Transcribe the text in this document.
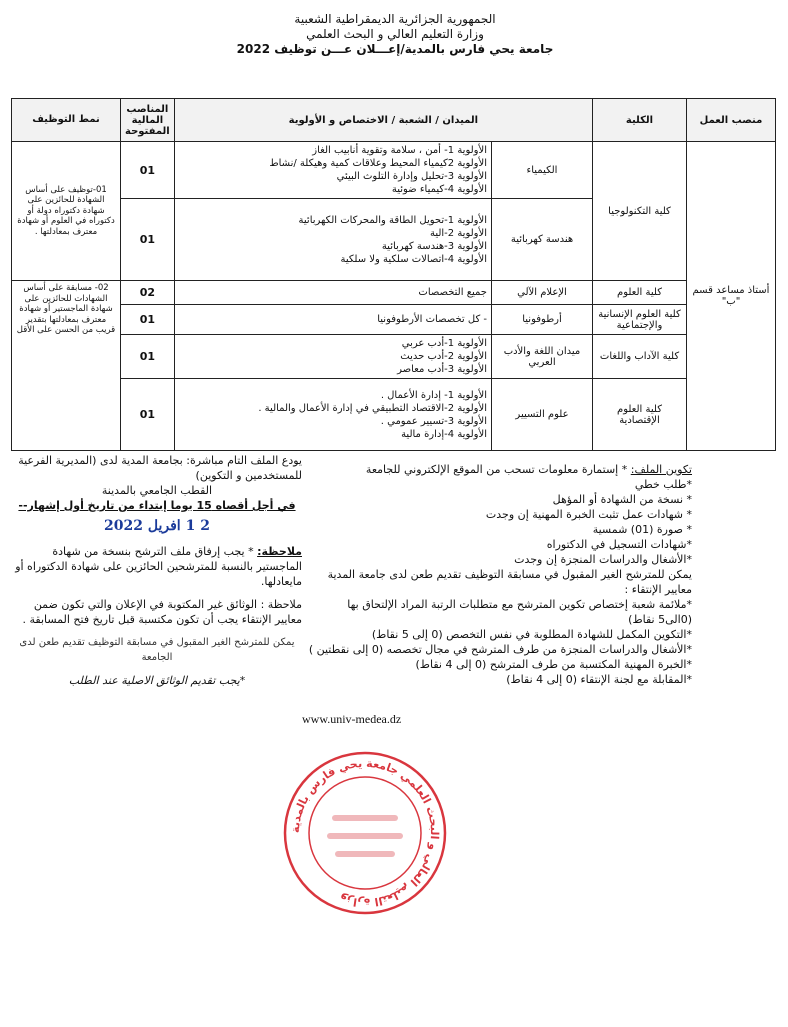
الجمهورية الجزائرية الديمقراطية الشعبية
وزارة التعليم العالي و البحث العلمي
جامعة يحي فارس بالمدية/إعـــلان عـــن توظيف 2022
منصب العمل	الكلية	الميدان / الشعبة / الاختصاص و الأولوية		المناصب المالية المفتوحة	نمط التوظيف
أستاذ مساعد قسم "ب"	كلية التكنولوجيا	الكيمياء	الأولوية 1- أمن ، سلامة وتقوية أنابيب الغاز
الأولوية 2كيمياء المحيط وعلاقات كمية وهيكلة /نشاط
الأولوية 3-تحليل وإدارة التلوث البيئي
الأولوية 4-كيمياء ضوئية	01	01-توظيف على أساس الشهادة للحائزين على شهادة دكتوراه دولة أو دكتوراه في العلوم أو شهادة معترف بمعادلتها .
		هندسة كهربائية	الأولوية 1-تحويل الطاقة والمحركات الكهربائية
الأولوية 2-الية
الأولوية 3-هندسة كهربائية
الأولوية 4-اتصالات سلكية ولا سلكية	01	
	كلية العلوم	الإعلام الآلي	جميع التخصصات	02	02- مسابقة على أساس الشهادات للحائزين على شهادة الماجستير أو شهادة معترف بمعادلتها بتقدير قريب من الحسن على الأقل
	كلية العلوم الإنسانية والإجتماعية	أرطوفونيا	- كل تخصصات الأرطوفونيا	01	
	كلية الآداب واللغات	ميدان اللغة والأدب العربي	الأولوية 1-أدب عربي
الأولوية 2-أدب حديث
الأولوية 3-أدب معاصر	01	
	كلية العلوم الإقتصادية	علوم التسيير	الأولوية 1- إدارة الأعمال .
الأولوية 2-الاقتصاد التطبيقي في إدارة الأعمال والمالية .
الأولوية 3-تسيير عمومي .
الأولوية 4-إدارة مالية	01	
تكوين الملف: * إستمارة معلومات تسحب من الموقع الإلكتروني للجامعة
*طلب خطي
* نسخة من الشهادة أو المؤهل
* شهادات عمل تثبت الخبرة المهنية إن وجدت
* صورة (01) شمسية
*شهادات التسجيل في الدكتوراه
*الأشغال والدراسات المنجزة إن وجدت
يمكن للمترشح الغير المقبول في مسابقة التوظيف تقديم طعن لدى جامعة المدية
معايير الإنتقاء :
*ملائمة شعبة إختصاص تكوين المترشح مع متطلبات الرتبة المراد الإلتحاق بها
(0الى5 نقاط)
*التكوين المكمل للشهادة المطلوبة في نفس التخصص (0 إلى 5 نقاط)
*الأشغال والدراسات المنجزة من طرف المترشح في مجال تخصصه (0 إلى نقطتين )
*الخبرة المهنية المكتسبة من طرف المترشح (0 إلى 4 نقاط)
*المقابلة مع لجنة الإنتقاء (0 إلى 4 نقاط)
يودع الملف التام مباشرة: بجامعة المدية لدى (المديرية الفرعية للمستخدمين و التكوين)
القطب الجامعي بالمدينة
في أجل أقصاه 15 يوما إبتداء من تاريخ أول إشهار--
2 1 افريل 2022
ملاحظة: * يجب إرفاق ملف الترشح بنسخة من شهادة الماجستير بالنسبة للمترشحين الحائزين على شهادة الدكتوراه أو مايعادلها.
ملاحظة : الوثائق غير المكتوبة في الإعلان والتي تكون ضمن معايير الإنتقاء يجب أن تكون مكتسبة قبل تاريخ فتح المسابقة .
يمكن للمترشح الغير المقبول في مسابقة التوظيف تقديم طعن لدى الجامعة
*يجب تقديم الوثائق الاصلية عند الطلب
www.univ-medea.dz
وزارة التعليم العالي و البحث العلمي جامعة يحي فارس بالمدية
